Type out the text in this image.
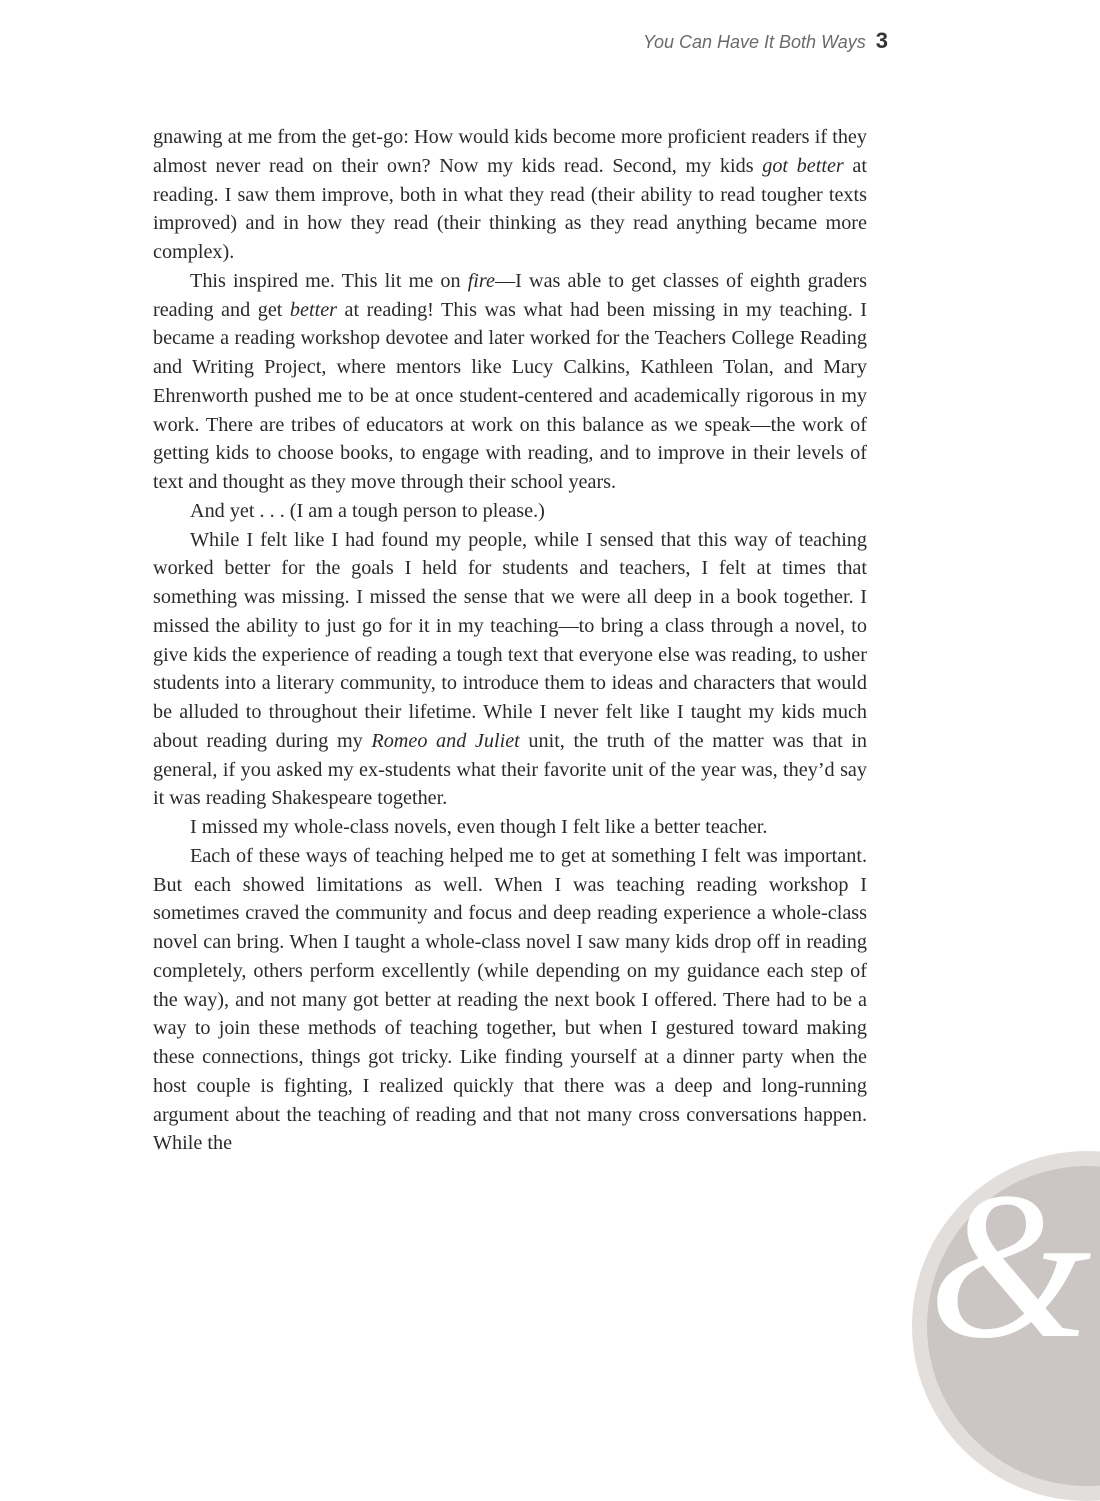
You Can Have It Both Ways 3

gnawing at me from the get-go: How would kids become more proficient readers if they almost never read on their own? Now my kids read. Second, my kids got better at reading. I saw them improve, both in what they read (their ability to read tougher texts improved) and in how they read (their thinking as they read anything became more complex).

This inspired me. This lit me on fire—I was able to get classes of eighth graders reading and get better at reading! This was what had been missing in my teaching. I became a reading workshop devotee and later worked for the Teachers College Reading and Writing Project, where mentors like Lucy Calkins, Kathleen Tolan, and Mary Ehrenworth pushed me to be at once student-centered and academically rigorous in my work. There are tribes of educators at work on this balance as we speak—the work of getting kids to choose books, to engage with reading, and to improve in their levels of text and thought as they move through their school years.

And yet . . . (I am a tough person to please.)

While I felt like I had found my people, while I sensed that this way of teaching worked better for the goals I held for students and teachers, I felt at times that something was missing. I missed the sense that we were all deep in a book together. I missed the ability to just go for it in my teaching—to bring a class through a novel, to give kids the experience of reading a tough text that everyone else was reading, to usher students into a literary community, to introduce them to ideas and characters that would be alluded to throughout their lifetime. While I never felt like I taught my kids much about reading during my Romeo and Juliet unit, the truth of the matter was that in general, if you asked my ex-students what their favorite unit of the year was, they’d say it was reading Shakespeare together.

I missed my whole-class novels, even though I felt like a better teacher.

Each of these ways of teaching helped me to get at something I felt was important. But each showed limitations as well. When I was teaching reading workshop I sometimes craved the community and focus and deep reading experience a whole-class novel can bring. When I taught a whole-class novel I saw many kids drop off in reading completely, others perform excellently (while depending on my guidance each step of the way), and not many got better at reading the next book I offered. There had to be a way to join these methods of teaching together, but when I gestured toward making these connections, things got tricky. Like finding yourself at a dinner party when the host couple is fighting, I realized quickly that there was a deep and long-running argument about the teaching of reading and that not many cross conversations happen. While the

&
